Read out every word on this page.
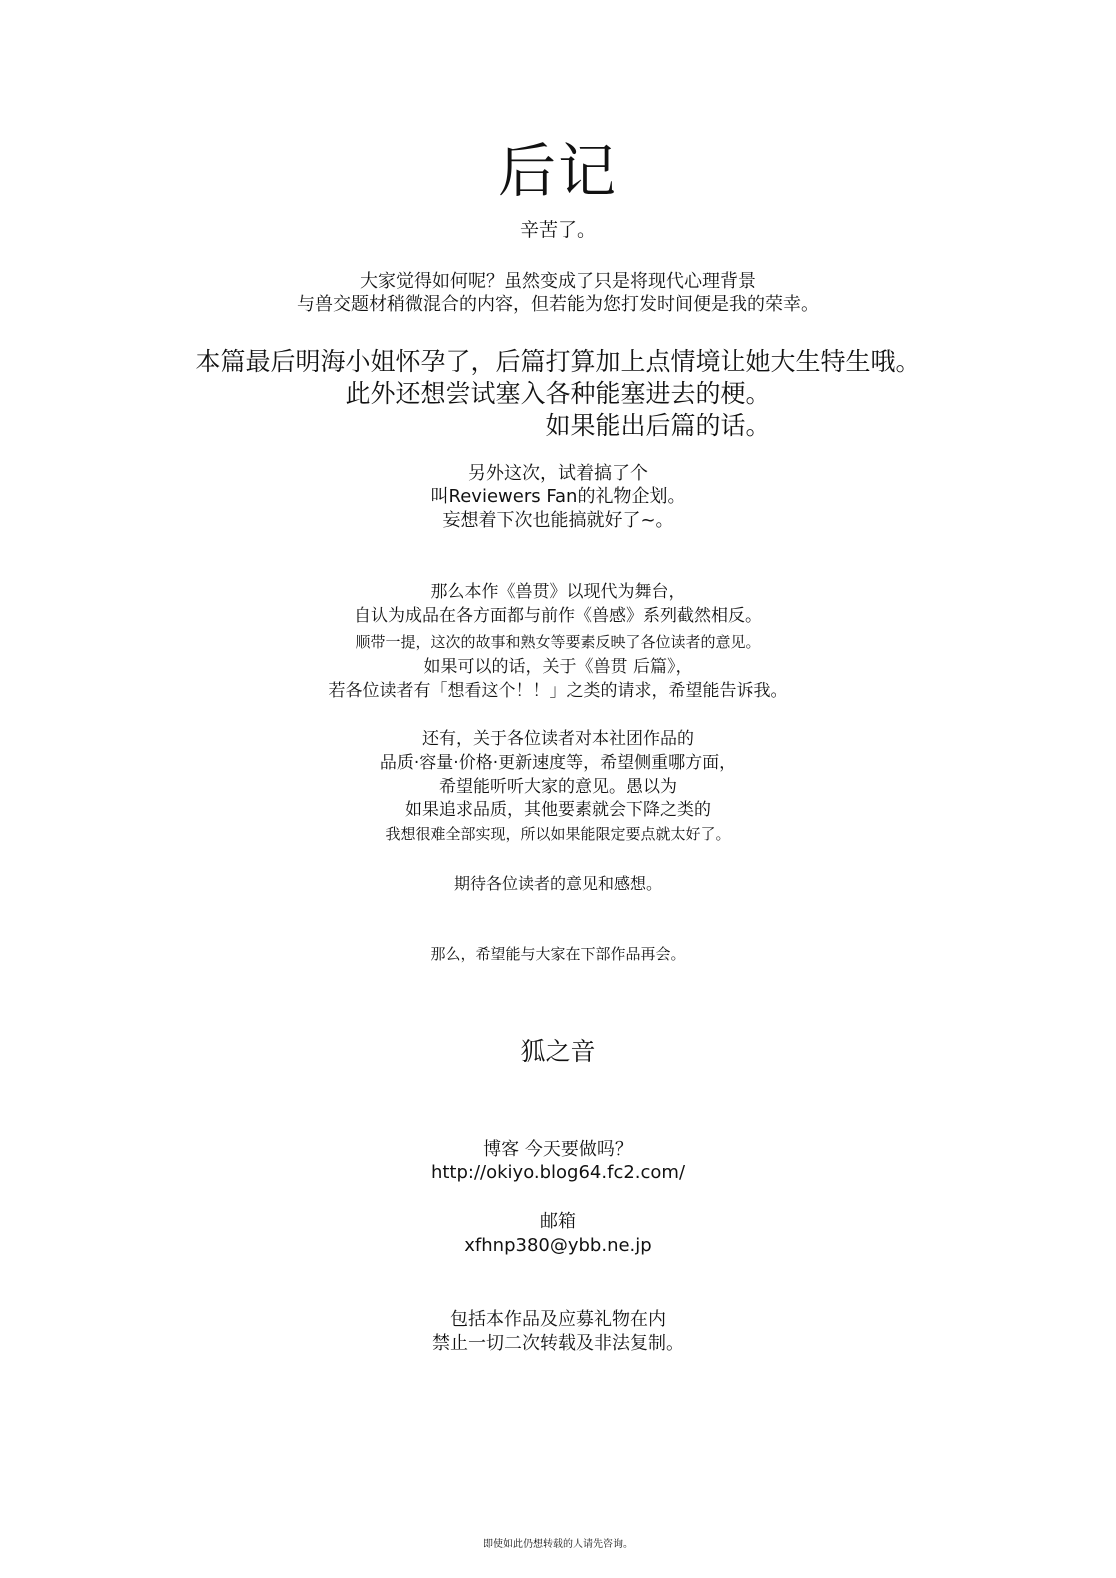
后记
辛苦了。
大家觉得如何呢？虽然变成了只是将现代心理背景
与兽交题材稍微混合的内容，但若能为您打发时间便是我的荣幸。
本篇最后明海小姐怀孕了，后篇打算加上点情境让她大生特生哦。
此外还想尝试塞入各种能塞进去的梗。
如果能出后篇的话。
另外这次，试着搞了个
叫Reviewers Fan的礼物企划。
妄想着下次也能搞就好了~。
那么本作《兽贯》以现代为舞台，
自认为成品在各方面都与前作《兽感》系列截然相反。
顺带一提，这次的故事和熟女等要素反映了各位读者的意见。
如果可以的话，关于《兽贯 后篇》，
若各位读者有「想看这个！！」之类的请求，希望能告诉我。
还有，关于各位读者对本社团作品的
品质·容量·价格·更新速度等，希望侧重哪方面，
希望能听听大家的意见。愚以为
如果追求品质，其他要素就会下降之类的
我想很难全部实现，所以如果能限定要点就太好了。
期待各位读者的意见和感想。
那么，希望能与大家在下部作品再会。
狐之音
博客 今天要做吗？
http://okiyo.blog64.fc2.com/
邮箱
xfhnp380@ybb.ne.jp
包括本作品及应募礼物在内
禁止一切二次转载及非法复制。
即使如此仍想转载的人请先咨询。
